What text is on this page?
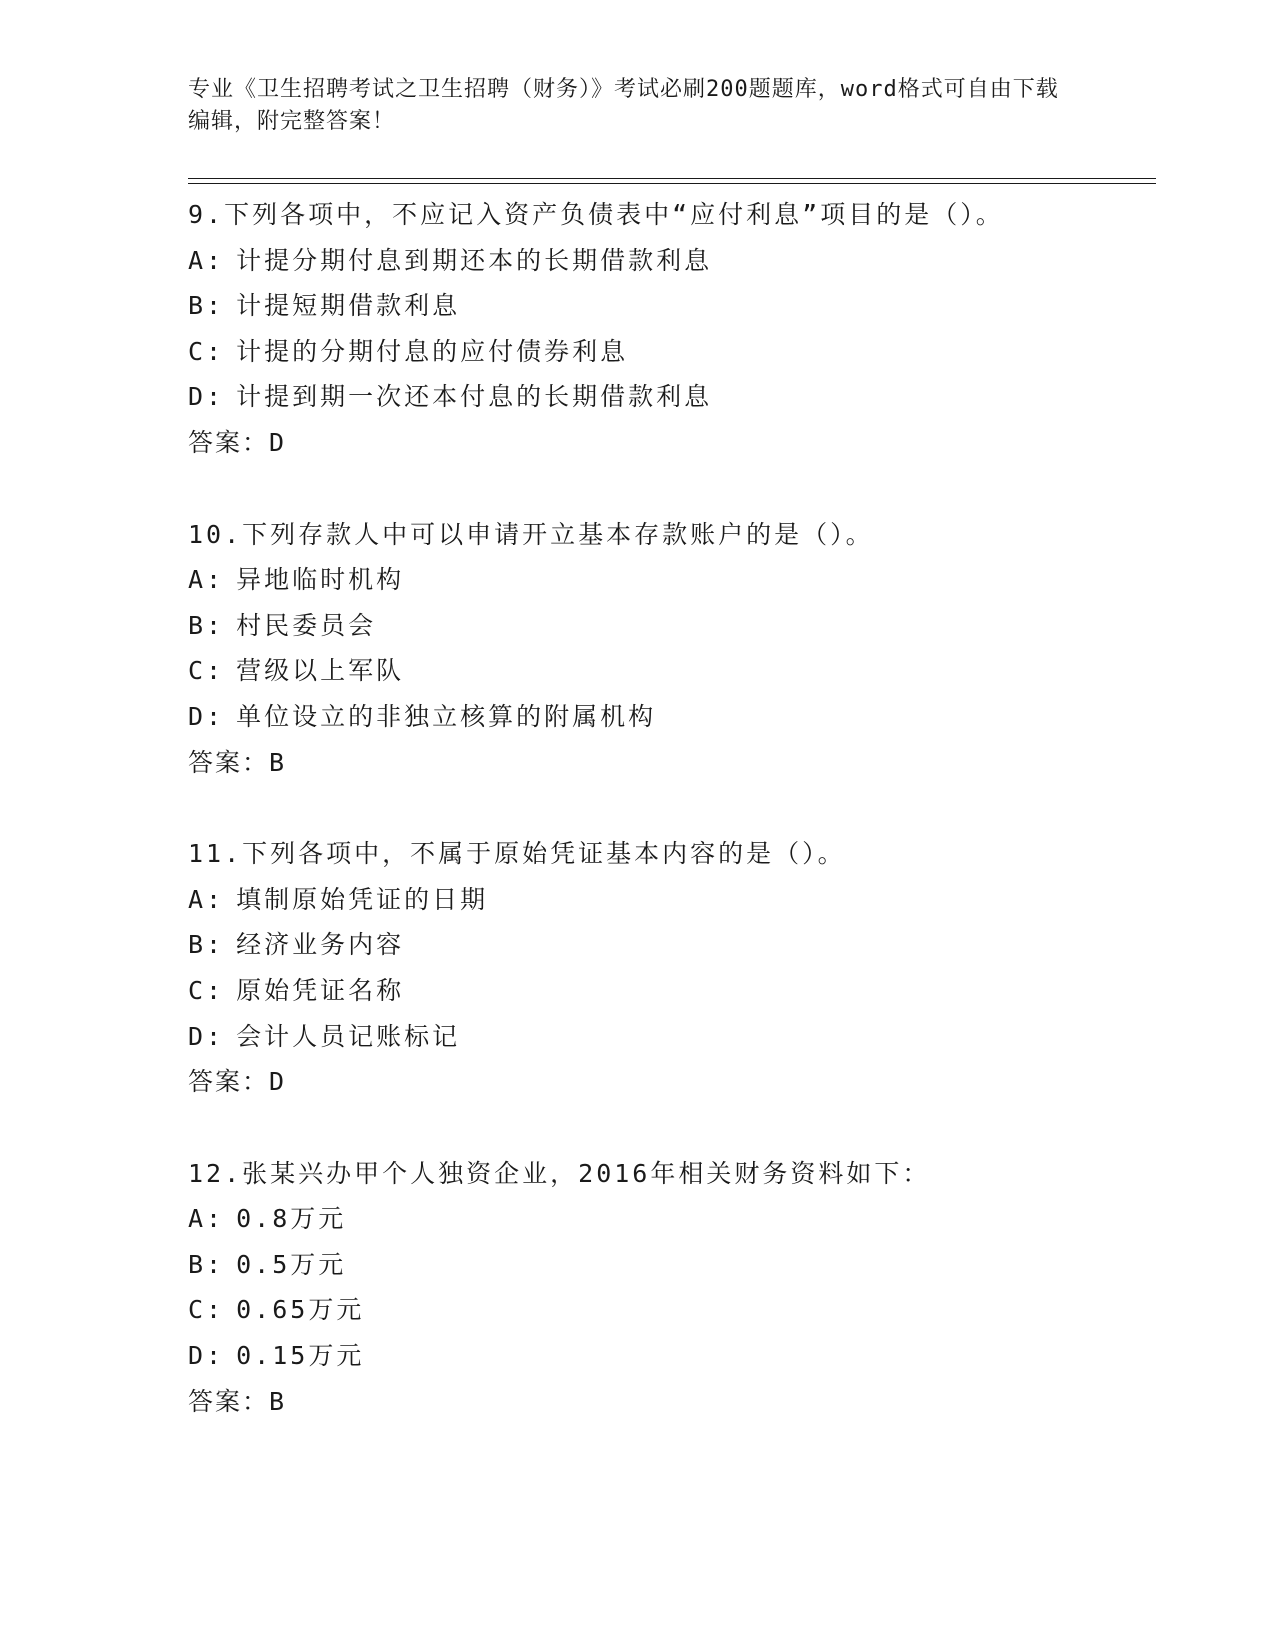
专业《卫生招聘考试之卫生招聘（财务）》考试必刷200题题库，word格式可自由下载编辑，附完整答案！
9.下列各项中，不应记入资产负债表中“应付利息”项目的是（）。
A: 计提分期付息到期还本的长期借款利息
B: 计提短期借款利息
C: 计提的分期付息的应付债券利息
D: 计提到期一次还本付息的长期借款利息
答案：D
10.下列存款人中可以申请开立基本存款账户的是（）。
A: 异地临时机构
B: 村民委员会
C: 营级以上军队
D: 单位设立的非独立核算的附属机构
答案：B
11.下列各项中，不属于原始凭证基本内容的是（）。
A: 填制原始凭证的日期
B: 经济业务内容
C: 原始凭证名称
D: 会计人员记账标记
答案：D
12.张某兴办甲个人独资企业，2016年相关财务资料如下：
A: 0.8万元
B: 0.5万元
C: 0.65万元
D: 0.15万元
答案：B
